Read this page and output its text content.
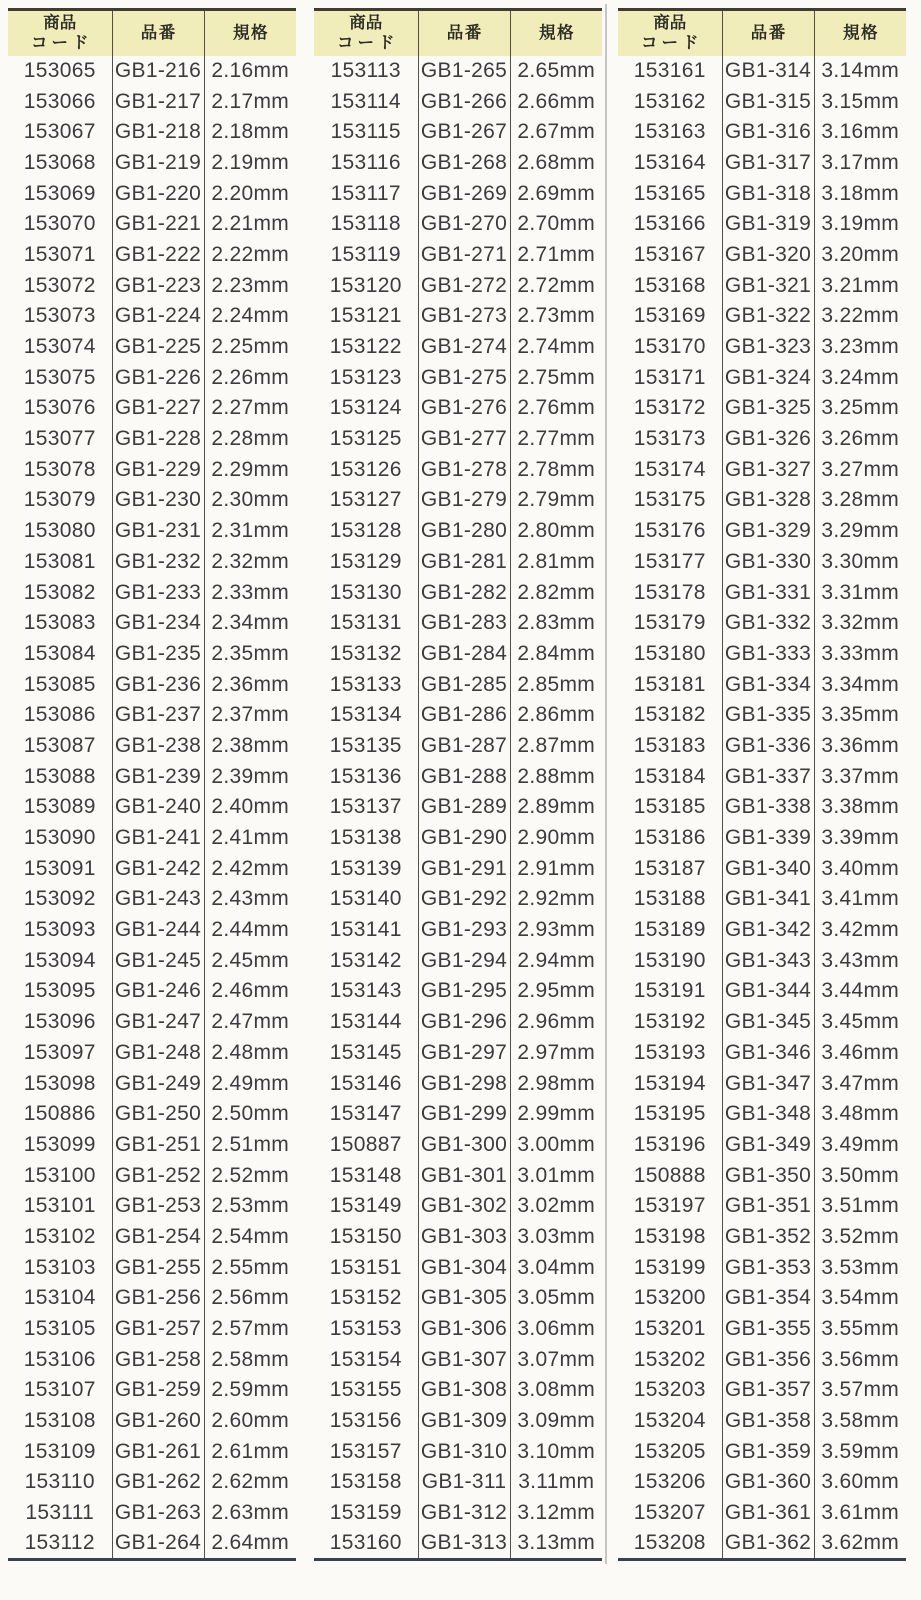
商品
コード	品番	規格
153065	GB1-216	2.16mm
153066	GB1-217	2.17mm
153067	GB1-218	2.18mm
153068	GB1-219	2.19mm
153069	GB1-220	2.20mm
153070	GB1-221	2.21mm
153071	GB1-222	2.22mm
153072	GB1-223	2.23mm
153073	GB1-224	2.24mm
153074	GB1-225	2.25mm
153075	GB1-226	2.26mm
153076	GB1-227	2.27mm
153077	GB1-228	2.28mm
153078	GB1-229	2.29mm
153079	GB1-230	2.30mm
153080	GB1-231	2.31mm
153081	GB1-232	2.32mm
153082	GB1-233	2.33mm
153083	GB1-234	2.34mm
153084	GB1-235	2.35mm
153085	GB1-236	2.36mm
153086	GB1-237	2.37mm
153087	GB1-238	2.38mm
153088	GB1-239	2.39mm
153089	GB1-240	2.40mm
153090	GB1-241	2.41mm
153091	GB1-242	2.42mm
153092	GB1-243	2.43mm
153093	GB1-244	2.44mm
153094	GB1-245	2.45mm
153095	GB1-246	2.46mm
153096	GB1-247	2.47mm
153097	GB1-248	2.48mm
153098	GB1-249	2.49mm
150886	GB1-250	2.50mm
153099	GB1-251	2.51mm
153100	GB1-252	2.52mm
153101	GB1-253	2.53mm
153102	GB1-254	2.54mm
153103	GB1-255	2.55mm
153104	GB1-256	2.56mm
153105	GB1-257	2.57mm
153106	GB1-258	2.58mm
153107	GB1-259	2.59mm
153108	GB1-260	2.60mm
153109	GB1-261	2.61mm
153110	GB1-262	2.62mm
153111	GB1-263	2.63mm
153112	GB1-264	2.64mm
商品
コード	品番	規格
153113	GB1-265	2.65mm
153114	GB1-266	2.66mm
153115	GB1-267	2.67mm
153116	GB1-268	2.68mm
153117	GB1-269	2.69mm
153118	GB1-270	2.70mm
153119	GB1-271	2.71mm
153120	GB1-272	2.72mm
153121	GB1-273	2.73mm
153122	GB1-274	2.74mm
153123	GB1-275	2.75mm
153124	GB1-276	2.76mm
153125	GB1-277	2.77mm
153126	GB1-278	2.78mm
153127	GB1-279	2.79mm
153128	GB1-280	2.80mm
153129	GB1-281	2.81mm
153130	GB1-282	2.82mm
153131	GB1-283	2.83mm
153132	GB1-284	2.84mm
153133	GB1-285	2.85mm
153134	GB1-286	2.86mm
153135	GB1-287	2.87mm
153136	GB1-288	2.88mm
153137	GB1-289	2.89mm
153138	GB1-290	2.90mm
153139	GB1-291	2.91mm
153140	GB1-292	2.92mm
153141	GB1-293	2.93mm
153142	GB1-294	2.94mm
153143	GB1-295	2.95mm
153144	GB1-296	2.96mm
153145	GB1-297	2.97mm
153146	GB1-298	2.98mm
153147	GB1-299	2.99mm
150887	GB1-300	3.00mm
153148	GB1-301	3.01mm
153149	GB1-302	3.02mm
153150	GB1-303	3.03mm
153151	GB1-304	3.04mm
153152	GB1-305	3.05mm
153153	GB1-306	3.06mm
153154	GB1-307	3.07mm
153155	GB1-308	3.08mm
153156	GB1-309	3.09mm
153157	GB1-310	3.10mm
153158	GB1-311	3.11mm
153159	GB1-312	3.12mm
153160	GB1-313	3.13mm
商品
コード	品番	規格
153161	GB1-314	3.14mm
153162	GB1-315	3.15mm
153163	GB1-316	3.16mm
153164	GB1-317	3.17mm
153165	GB1-318	3.18mm
153166	GB1-319	3.19mm
153167	GB1-320	3.20mm
153168	GB1-321	3.21mm
153169	GB1-322	3.22mm
153170	GB1-323	3.23mm
153171	GB1-324	3.24mm
153172	GB1-325	3.25mm
153173	GB1-326	3.26mm
153174	GB1-327	3.27mm
153175	GB1-328	3.28mm
153176	GB1-329	3.29mm
153177	GB1-330	3.30mm
153178	GB1-331	3.31mm
153179	GB1-332	3.32mm
153180	GB1-333	3.33mm
153181	GB1-334	3.34mm
153182	GB1-335	3.35mm
153183	GB1-336	3.36mm
153184	GB1-337	3.37mm
153185	GB1-338	3.38mm
153186	GB1-339	3.39mm
153187	GB1-340	3.40mm
153188	GB1-341	3.41mm
153189	GB1-342	3.42mm
153190	GB1-343	3.43mm
153191	GB1-344	3.44mm
153192	GB1-345	3.45mm
153193	GB1-346	3.46mm
153194	GB1-347	3.47mm
153195	GB1-348	3.48mm
153196	GB1-349	3.49mm
150888	GB1-350	3.50mm
153197	GB1-351	3.51mm
153198	GB1-352	3.52mm
153199	GB1-353	3.53mm
153200	GB1-354	3.54mm
153201	GB1-355	3.55mm
153202	GB1-356	3.56mm
153203	GB1-357	3.57mm
153204	GB1-358	3.58mm
153205	GB1-359	3.59mm
153206	GB1-360	3.60mm
153207	GB1-361	3.61mm
153208	GB1-362	3.62mm
